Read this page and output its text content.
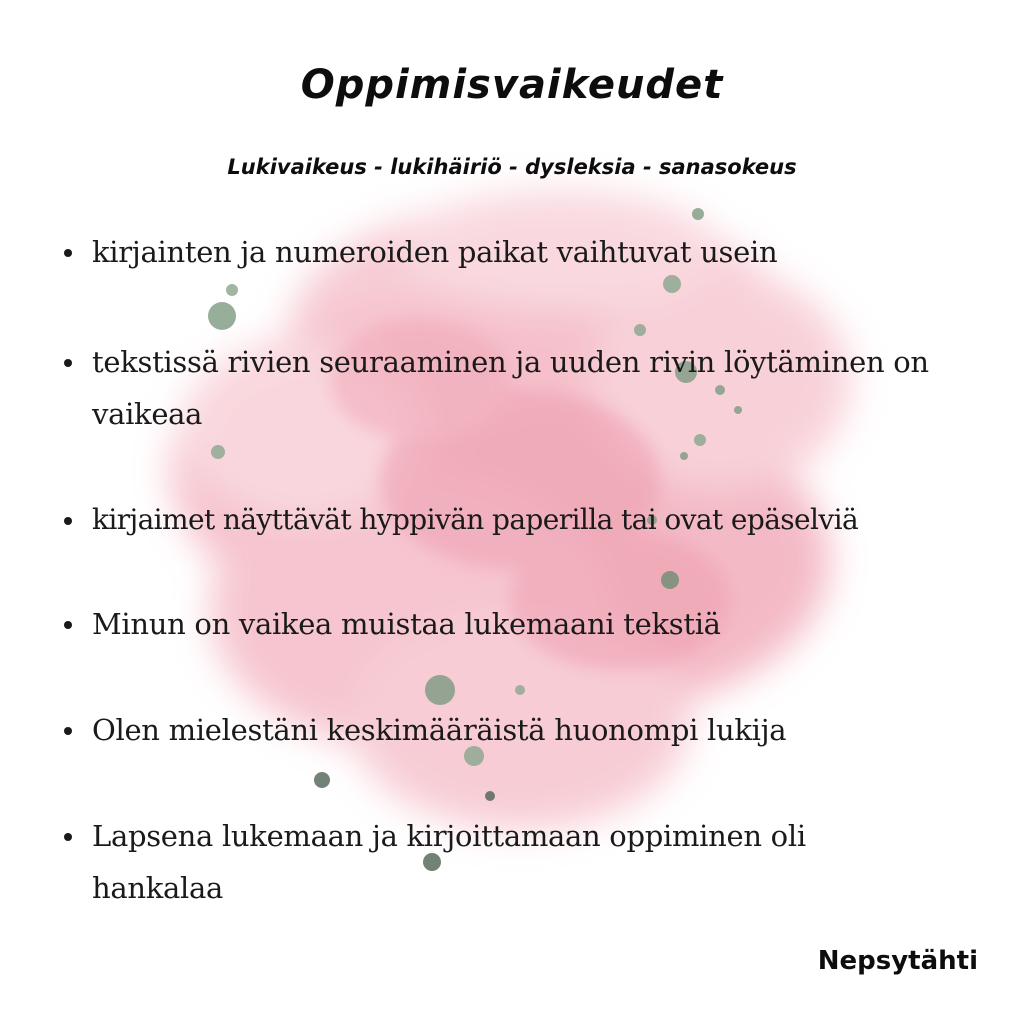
Oppimisvaikeudet
Lukivaikeus - lukihäiriö - dysleksia - sanasokeus
kirjainten ja numeroiden paikat vaihtuvat usein
tekstissä rivien seuraaminen ja uuden rivin löytäminen on vaikeaa
kirjaimet näyttävät hyppivän paperilla tai ovat epäselviä
Minun on vaikea muistaa lukemaani tekstiä
Olen mielestäni keskimääräistä huonompi lukija
Lapsena lukemaan ja kirjoittamaan oppiminen oli hankalaa
Nepsytähti
